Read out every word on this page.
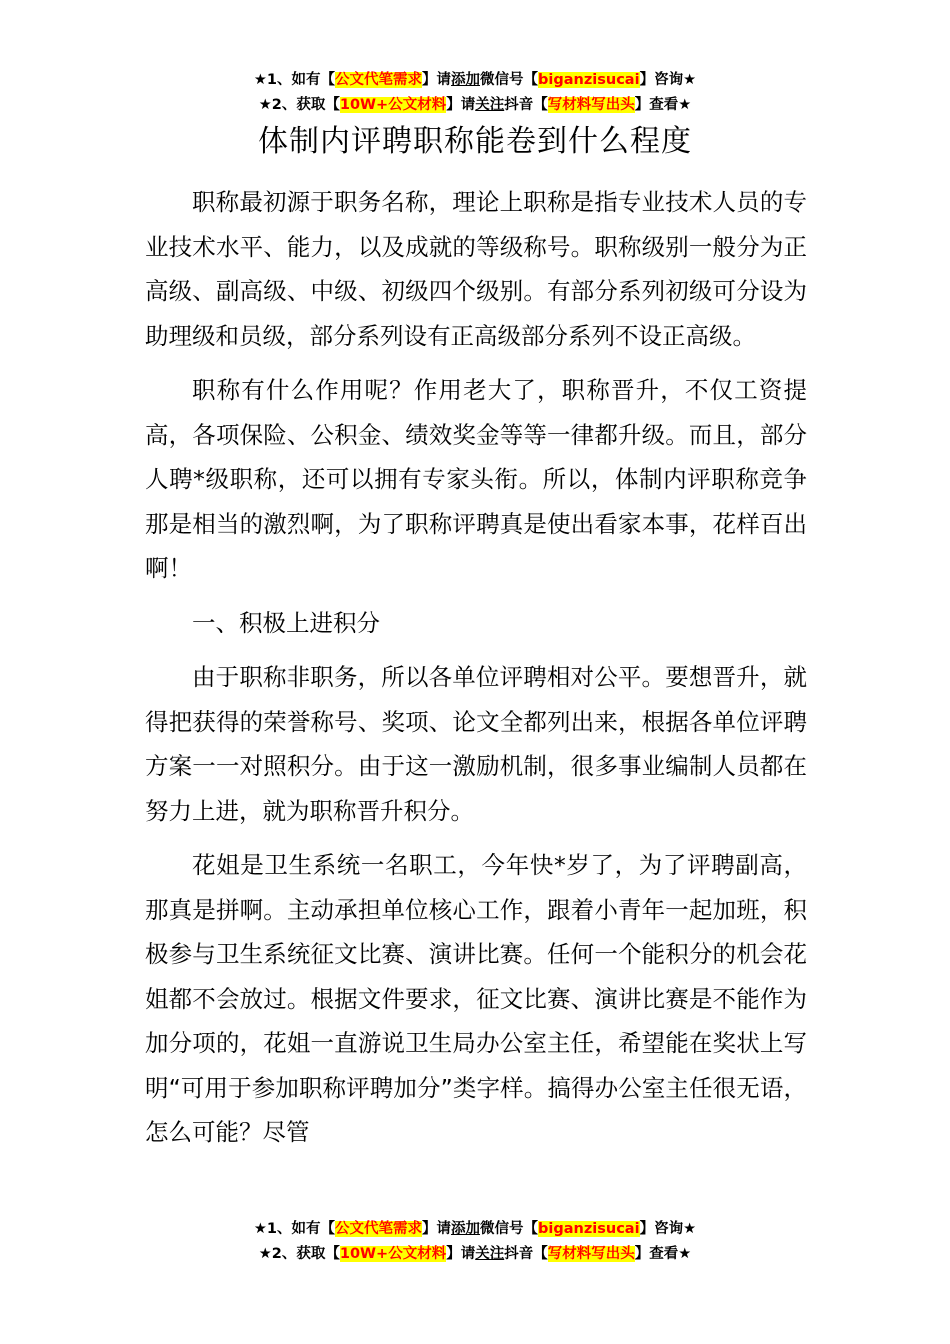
★1、如有【公文代笔需求】请添加微信号【biganzisucai】咨询★
★2、获取【10W+公文材料】请关注抖音【写材料写出头】查看★
体制内评聘职称能卷到什么程度

职称最初源于职务名称，理论上职称是指专业技术人员的专业技术水平、能力，以及成就的等级称号。职称级别一般分为正高级、副高级、中级、初级四个级别。有部分系列初级可分设为助理级和员级，部分系列设有正高级部分系列不设正高级。

职称有什么作用呢？作用老大了，职称晋升，不仅工资提高，各项保险、公积金、绩效奖金等等一律都升级。而且，部分人聘*级职称，还可以拥有专家头衔。所以，体制内评职称竞争那是相当的激烈啊，为了职称评聘真是使出看家本事，花样百出啊！

一、积极上进积分

由于职称非职务，所以各单位评聘相对公平。要想晋升，就得把获得的荣誉称号、奖项、论文全都列出来，根据各单位评聘方案一一对照积分。由于这一激励机制，很多事业编制人员都在努力上进，就为职称晋升积分。

花姐是卫生系统一名职工，今年快*岁了，为了评聘副高，那真是拼啊。主动承担单位核心工作，跟着小青年一起加班，积极参与卫生系统征文比赛、演讲比赛。任何一个能积分的机会花姐都不会放过。根据文件要求，征文比赛、演讲比赛是不能作为加分项的，花姐一直游说卫生局办公室主任，希望能在奖状上写明“可用于参加职称评聘加分”类字样。搞得办公室主任很无语，怎么可能？尽管

★1、如有【公文代笔需求】请添加微信号【biganzisucai】咨询★
★2、获取【10W+公文材料】请关注抖音【写材料写出头】查看★
